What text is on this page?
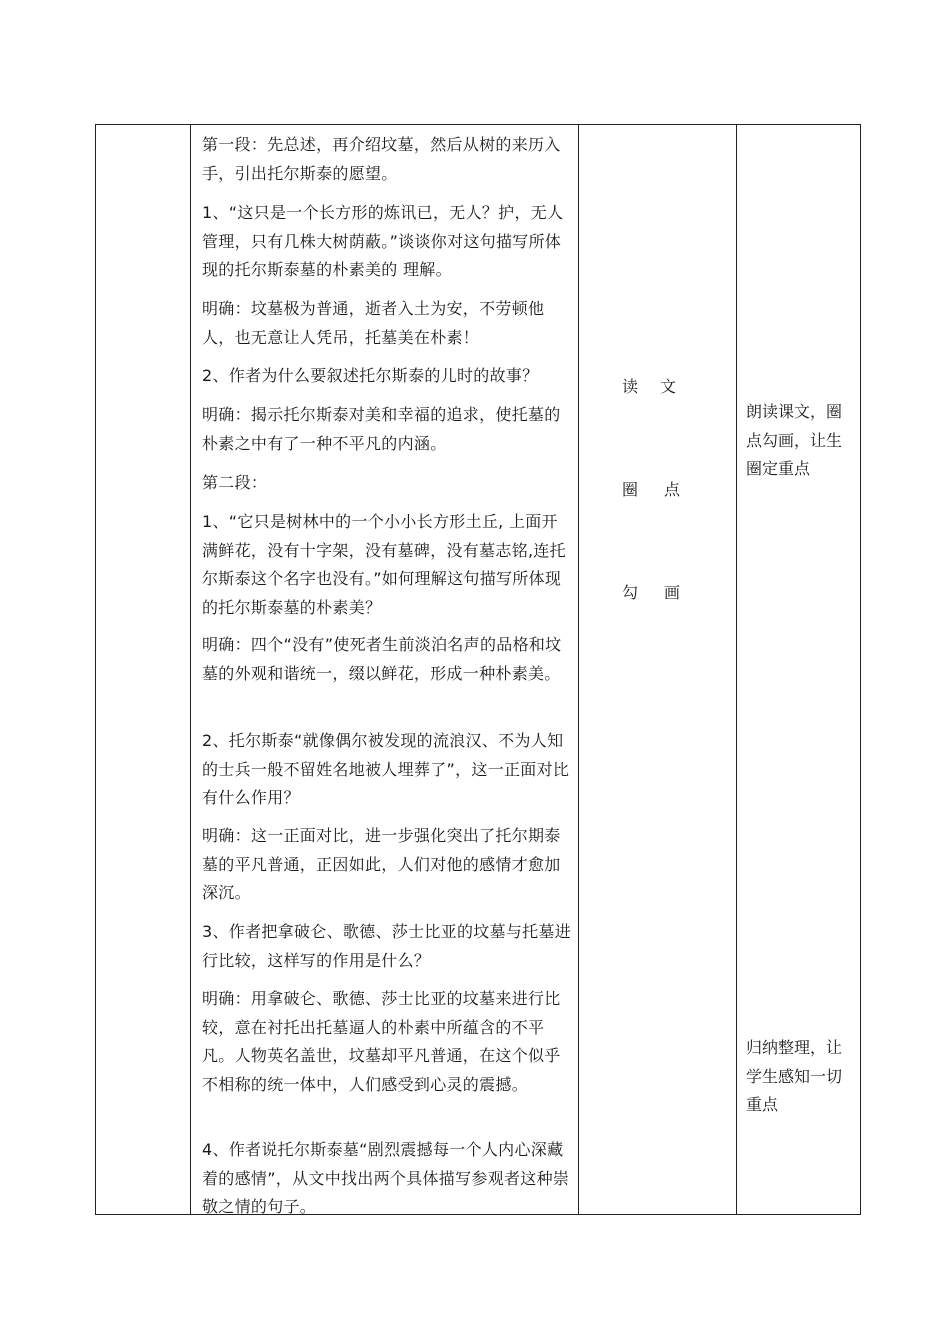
第一段：先总述，再介绍坟墓，然后从树的来历入手，引出托尔斯泰的愿望。
1、“这只是一个长方形的炼讯已，无人？护，无人管理，只有几株大树荫蔽。”谈谈你对这句描写所体现的托尔斯泰墓的朴素美的 理解。
明确：坟墓极为普通，逝者入土为安，不劳顿他人，也无意让人凭吊，托墓美在朴素！
2、作者为什么要叙述托尔斯泰的儿时的故事？
明确：揭示托尔斯泰对美和幸福的追求，使托墓的朴素之中有了一种不平凡的内涵。
第二段：
1、“它只是树林中的一个小小长方形土丘, 上面开满鲜花，没有十字架，没有墓碑，没有墓志铭,连托尔斯泰这个名字也没有。”如何理解这句描写所体现的托尔斯泰墓的朴素美？
明确：四个“没有”使死者生前淡泊名声的品格和坟墓的外观和谐统一，缀以鲜花，形成一种朴素美。
2、托尔斯泰“就像偶尔被发现的流浪汉、不为人知的士兵一般不留姓名地被人埋葬了”，这一正面对比有什么作用？
明确：这一正面对比，进一步强化突出了托尔期泰墓的平凡普通，正因如此，人们对他的感情才愈加深沉。
3、作者把拿破仑、歌德、莎士比亚的坟墓与托墓进行比较，这样写的作用是什么？
明确：用拿破仑、歌德、莎士比亚的坟墓来进行比较，意在衬托出托墓逼人的朴素中所蕴含的不平凡。人物英名盖世，坟墓却平凡普通，在这个似乎不相称的统一体中，人们感受到心灵的震撼。
4、作者说托尔斯泰墓“剧烈震撼每一个人内心深藏着的感情”，从文中找出两个具体描写参观者这种崇敬之情的句子。
读 文
圈 点
勾 画
朗读课文，圈点勾画，让生圈定重点
归纳整理，让学生感知一切重点
